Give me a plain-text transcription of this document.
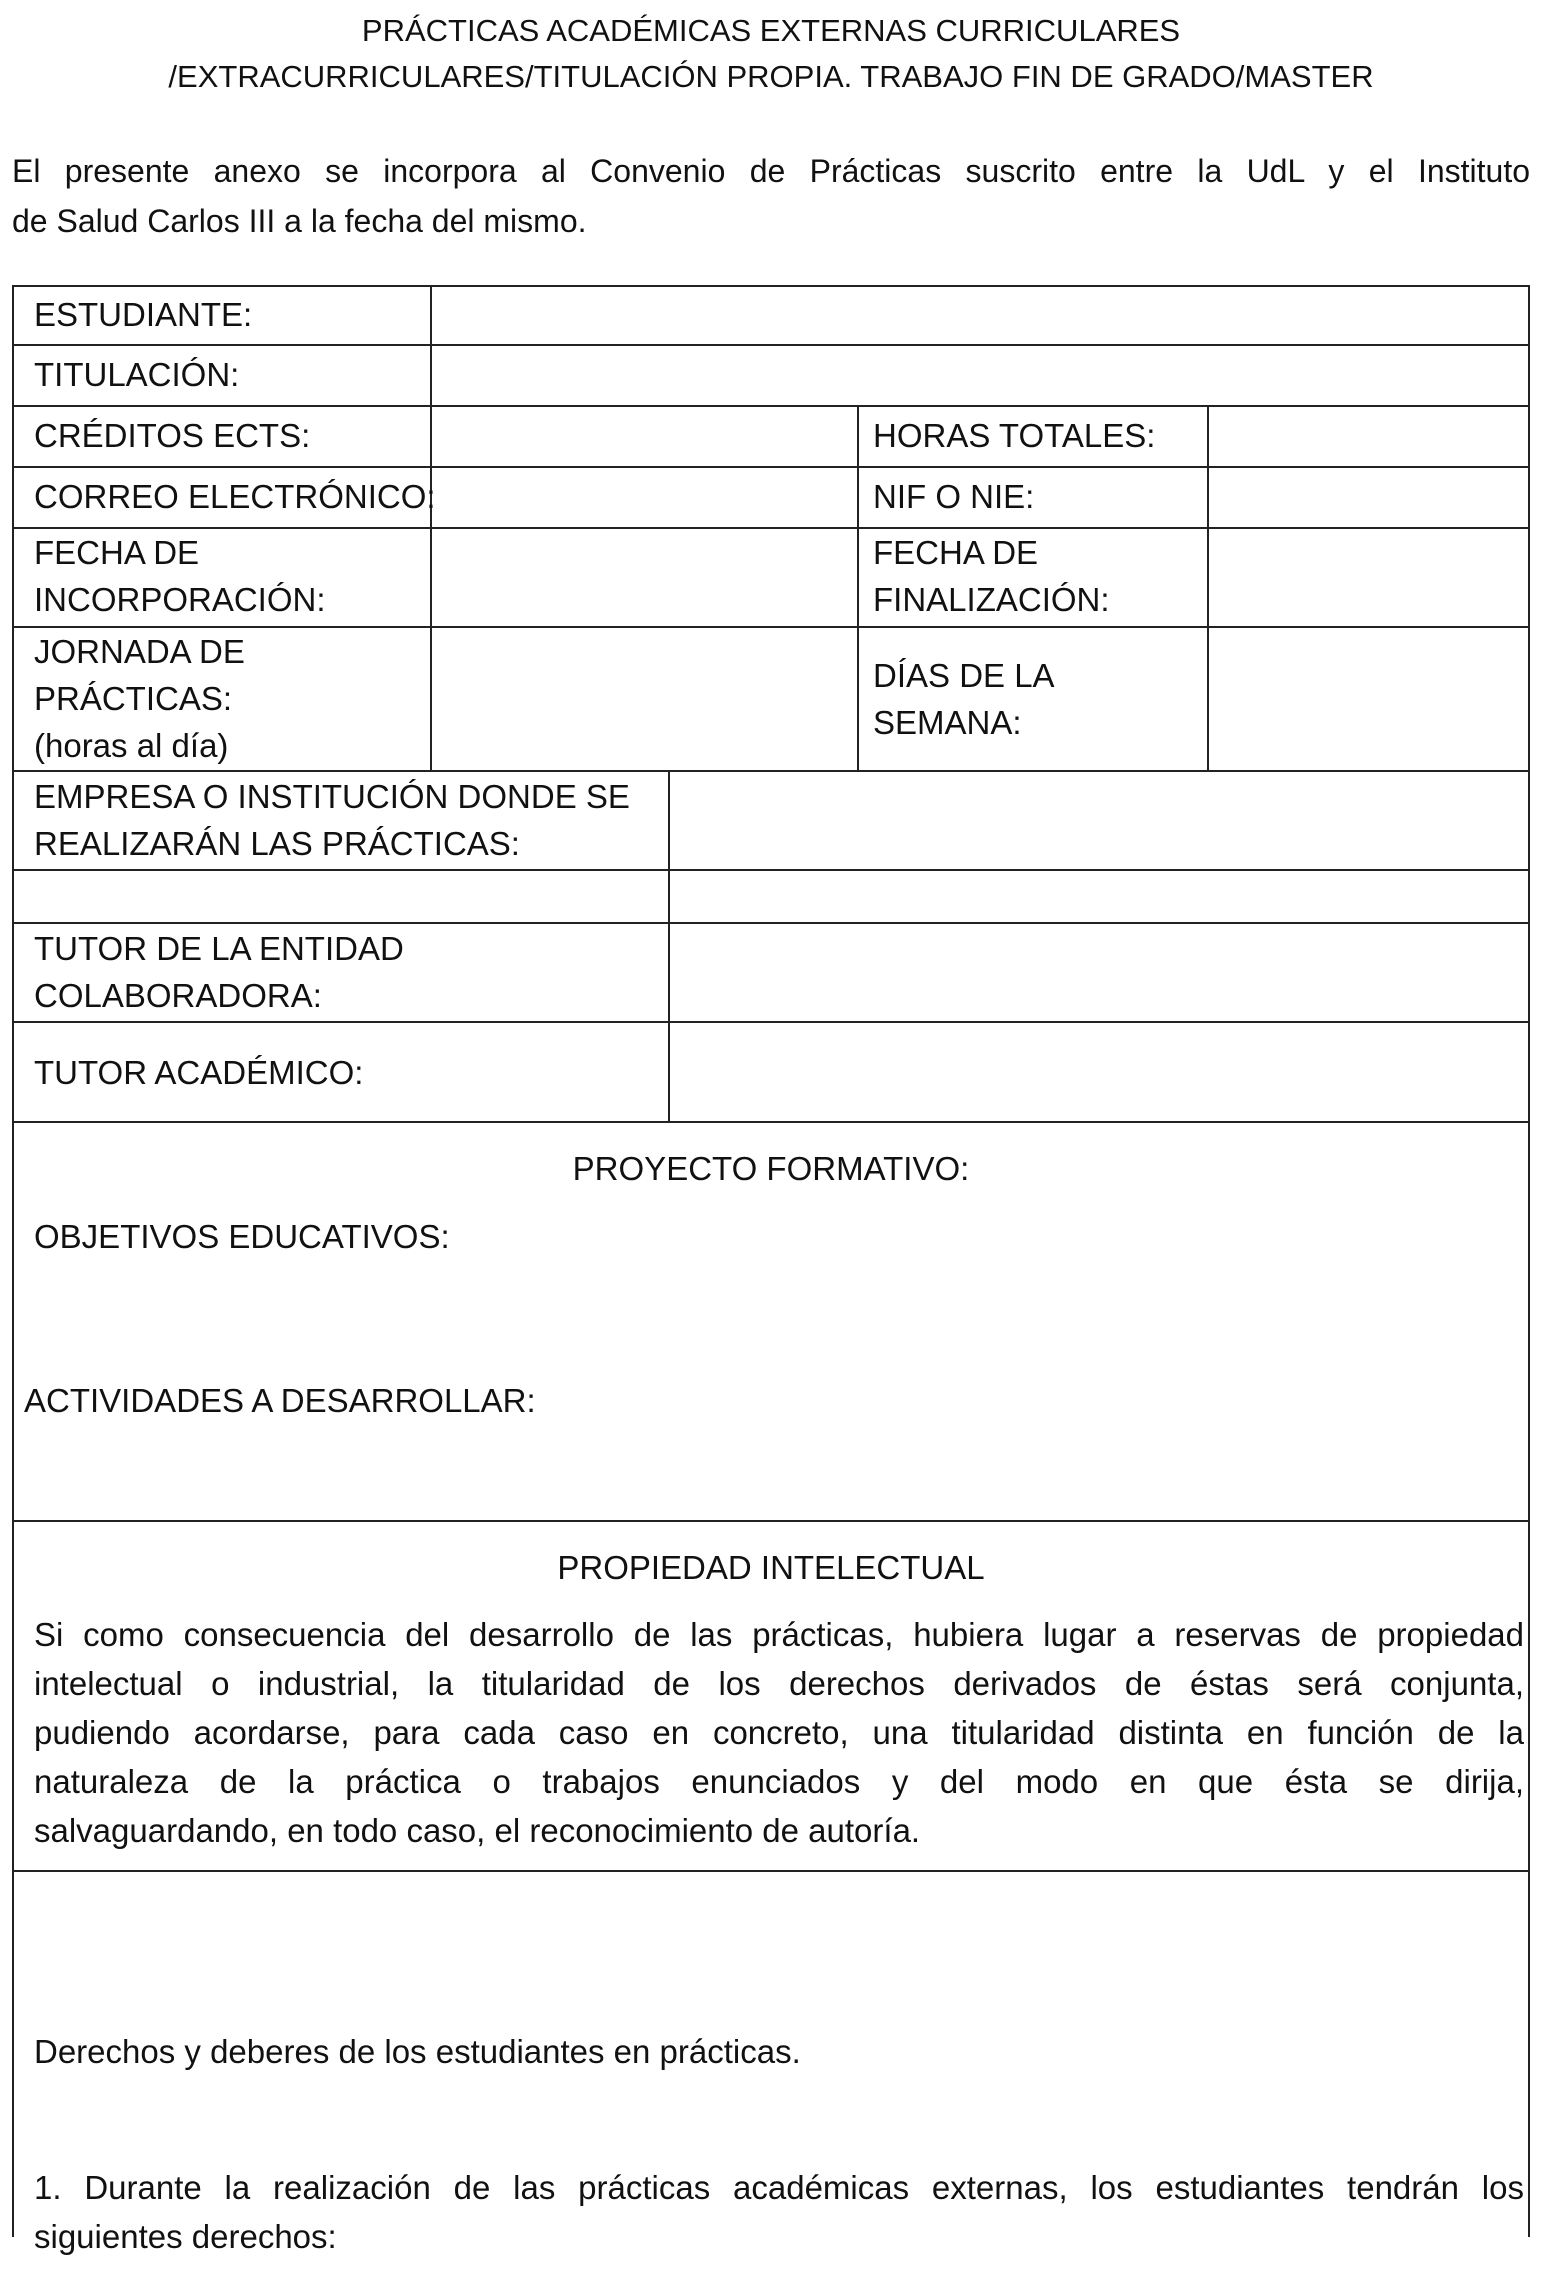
PRÁCTICAS ACADÉMICAS EXTERNAS CURRICULARES
/EXTRACURRICULARES/TITULACIÓN PROPIA. TRABAJO FIN DE GRADO/MASTER

El presente anexo se incorpora al Convenio de Prácticas suscrito entre la UdL y el Instituto

de Salud Carlos III a la fecha del mismo.

ESTUDIANTE:
TITULACIÓN:
CRÉDITOS ECTS:	HORAS TOTALES:
CORREO ELECTRÓNICO:	NIF O NIE:
FECHA DE
INCORPORACIÓN:
FECHA DE
FINALIZACIÓN:
JORNADA DE
PRÁCTICAS:
(horas al día)
DÍAS DE LA
SEMANA:
EMPRESA O INSTITUCIÓN DONDE SE
REALIZARÁN LAS PRÁCTICAS:
TUTOR DE LA ENTIDAD
COLABORADORA:
TUTOR ACADÉMICO:
PROYECTO FORMATIVO:
OBJETIVOS EDUCATIVOS:
ACTIVIDADES A DESARROLLAR:
PROPIEDAD INTELECTUAL

Si como consecuencia del desarrollo de las prácticas, hubiera lugar a reservas de propiedad

intelectual o industrial, la titularidad de los derechos derivados de éstas será conjunta,

pudiendo acordarse, para cada caso en concreto, una titularidad distinta en función de la

naturaleza de la práctica o trabajos enunciados y del modo en que ésta se dirija,

salvaguardando, en todo caso, el reconocimiento de autoría.

Derechos y deberes de los estudiantes en prácticas.

1. Durante la realización de las prácticas académicas externas, los estudiantes tendrán los

siguientes derechos:
